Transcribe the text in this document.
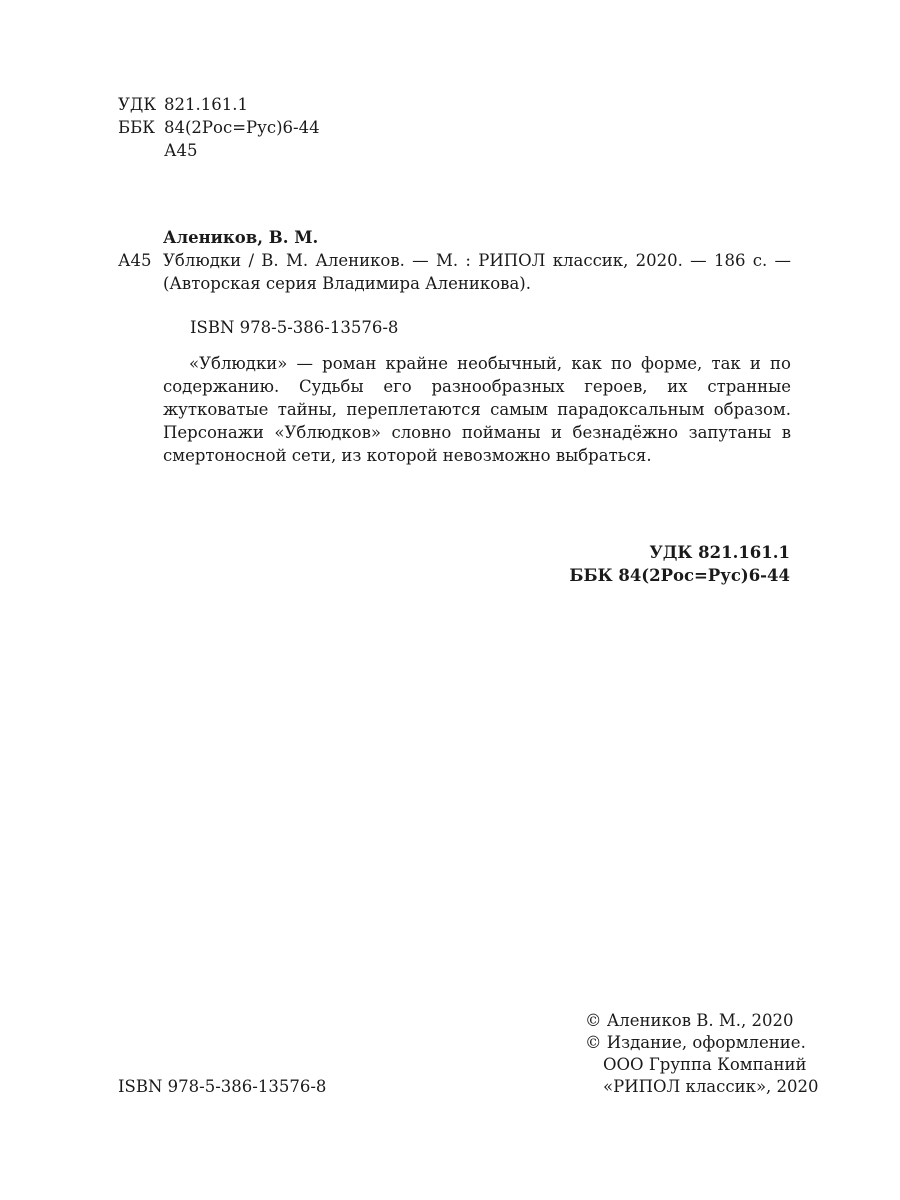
УДК 821.161.1
ББК 84(2Рос=Рус)6-44
А45
Алеников, В. М.
А45 Ублюдки / В. М. Алеников. — М. : РИПОЛ классик, 2020. — 186 с. —

(Авторская серия Владимира Аленикова).
ISBN 978-5-386-13576-8

«Ублюдки» — роман крайне необычный, как по форме, так и по содержанию. Судьбы его разнообразных героев, их странные жутковатые тайны, переплетаются самым парадоксальным образом. Персонажи «Ублюдков» словно пойманы и безнадёжно запутаны в смертоносной сети, из которой невозможно выбраться.

УДК 821.161.1
ББК 84(2Рос=Рус)6-44
© Алеников В. М., 2020
© Издание, оформление.
ООО Группа Компаний
«РИПОЛ классик», 2020
ISBN 978-5-386-13576-8
